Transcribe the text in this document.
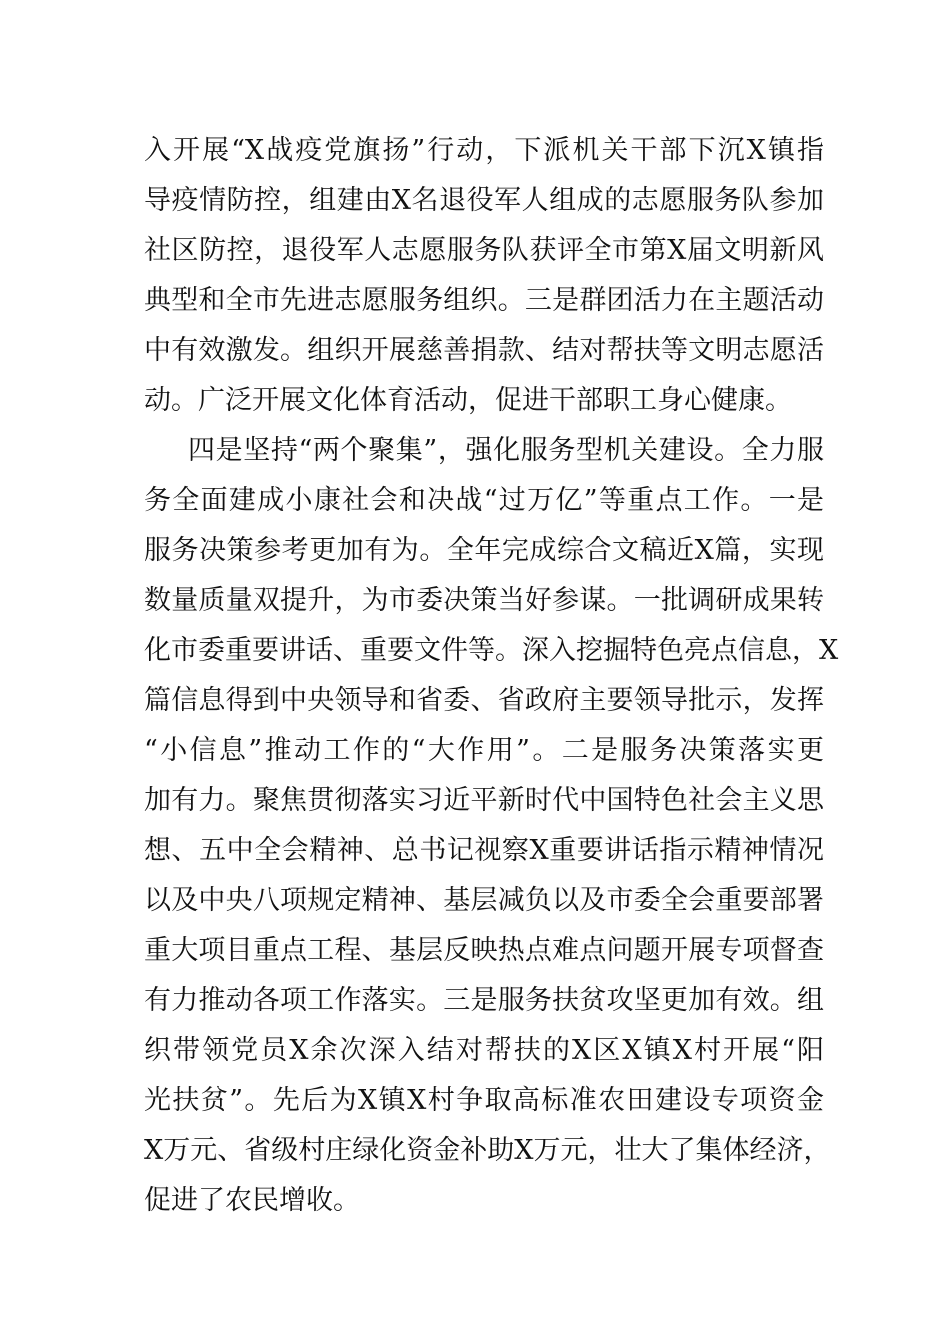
入开展“X战疫党旗扬”行动，下派机关干部下沉X镇指
导疫情防控，组建由X名退役军人组成的志愿服务队参加
社区防控，退役军人志愿服务队获评全市第X届文明新风
典型和全市先进志愿服务组织。三是群团活力在主题活动
中有效激发。组织开展慈善捐款、结对帮扶等文明志愿活
动。广泛开展文化体育活动，促进干部职工身心健康。
四是坚持“两个聚集”，强化服务型机关建设。全力服
务全面建成小康社会和决战“过万亿”等重点工作。一是
服务决策参考更加有为。全年完成综合文稿近X篇，实现
数量质量双提升，为市委决策当好参谋。一批调研成果转
化市委重要讲话、重要文件等。深入挖掘特色亮点信息，X
篇信息得到中央领导和省委、省政府主要领导批示，发挥
“小信息”推动工作的“大作用”。二是服务决策落实更
加有力。聚焦贯彻落实习近平新时代中国特色社会主义思
想、五中全会精神、总书记视察X重要讲话指示精神情况
以及中央八项规定精神、基层减负以及市委全会重要部署
重大项目重点工程、基层反映热点难点问题开展专项督查
有力推动各项工作落实。三是服务扶贫攻坚更加有效。组
织带领党员X余次深入结对帮扶的X区X镇X村开展“阳
光扶贫”。先后为X镇X村争取高标准农田建设专项资金
X万元、省级村庄绿化资金补助X万元，壮大了集体经济，
促进了农民增收。
